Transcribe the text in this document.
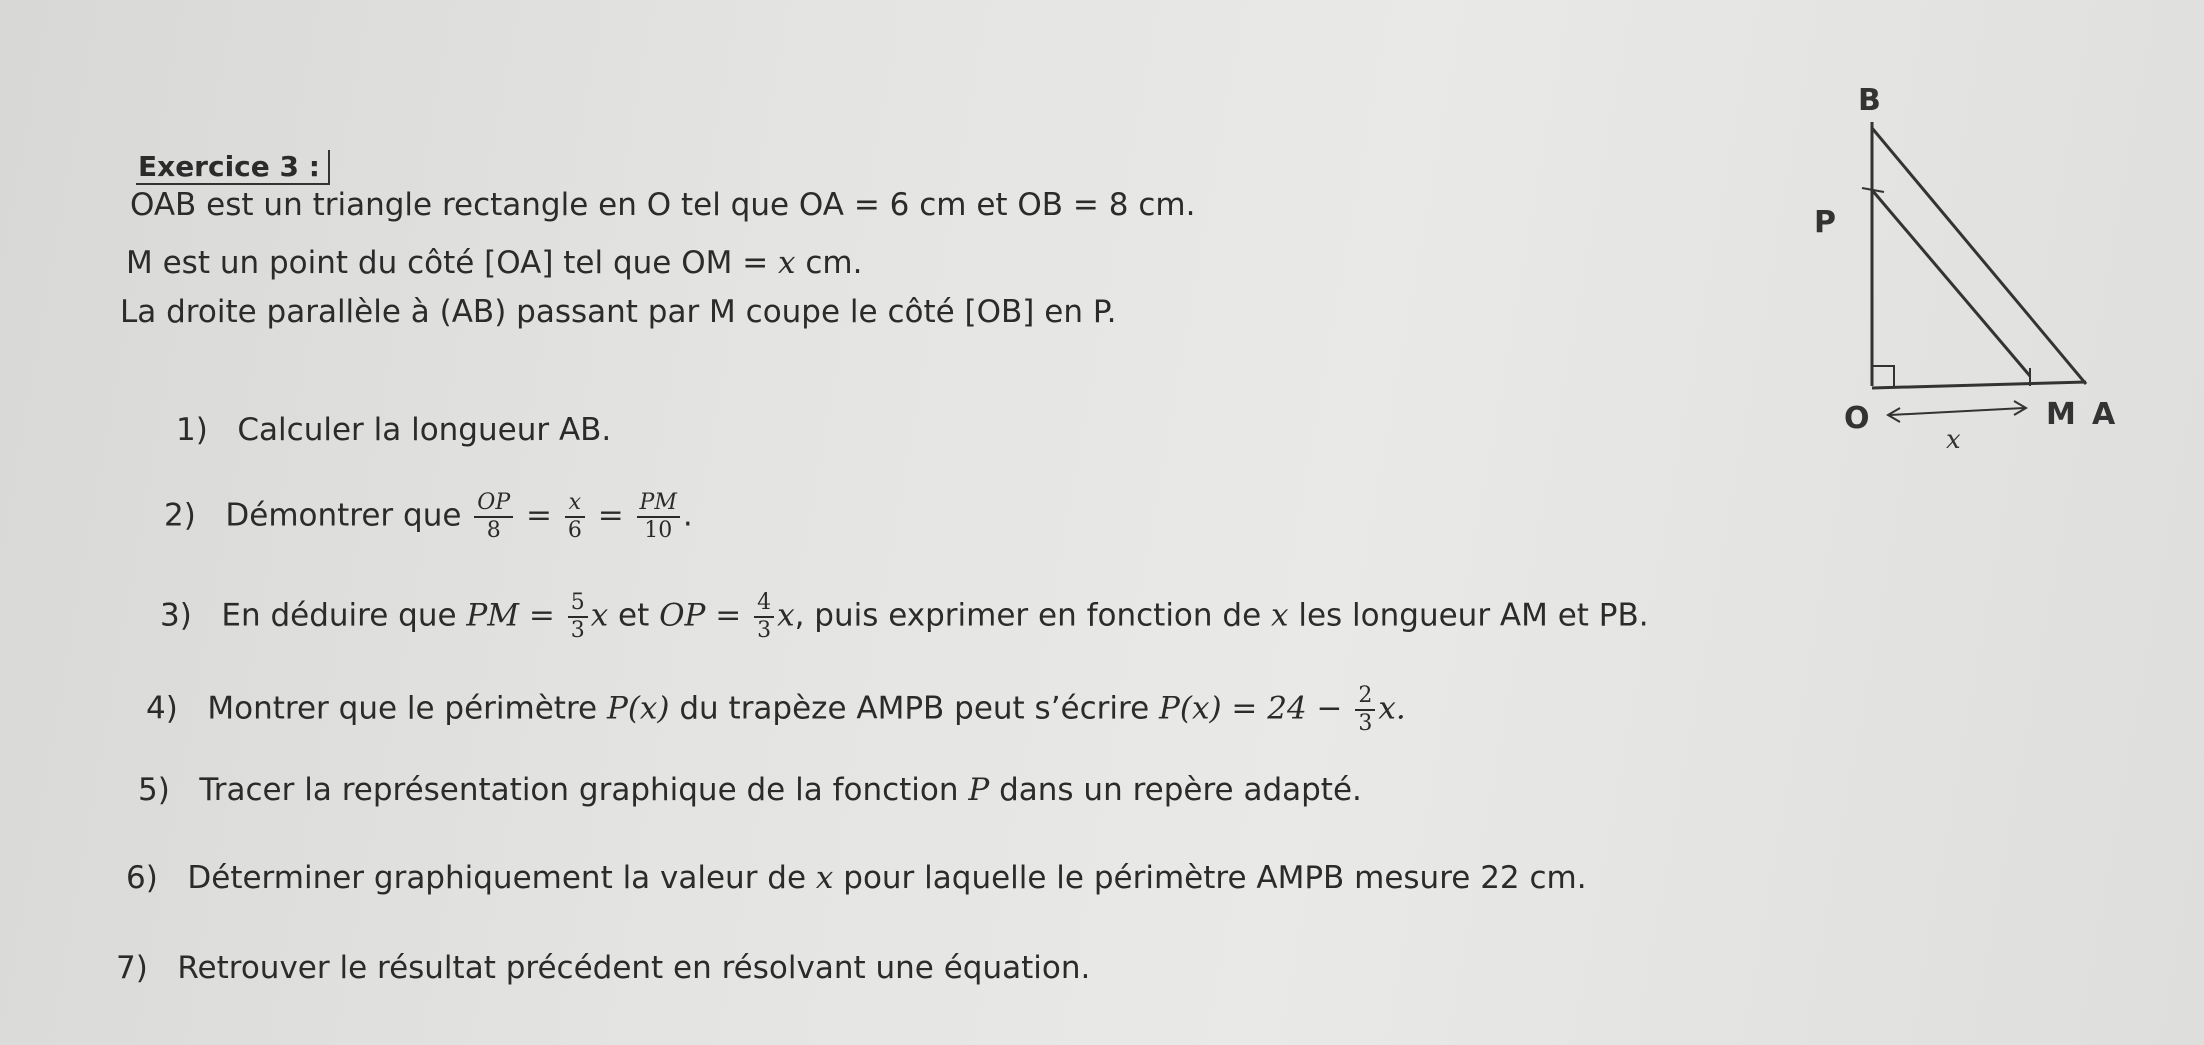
Exercice 3 :
OAB est un triangle rectangle en O tel que OA = 6 cm et OB = 8 cm.
M est un point du côté [OA] tel que OM = x cm.
La droite parallèle à (AB) passant par M coupe le côté [OB] en P.
1) Calculer la longueur AB.
2) Démontrer que $\frac{OP}{8} = \frac{x}{6} = \frac{PM}{10}$ .
3) En déduire que PM = $\frac{5}{3}$ x et OP = $\frac{4}{3} x$, puis exprimer en fonction de x les longueur AM et PB.
4) Montrer que le périmètre P(x) du trapèze AMPB peut s’écrire $P(x) = 24 - \frac{2}{3} x$.
5) Tracer la représentation graphique de la fonction P dans un repère adapté.
6) Déterminer graphiquement la valeur de x pour laquelle le périmètre AMPB mesure 22 cm.
7) Retrouver le résultat précédent en résolvant une équation.
B
P
O	M A
x
